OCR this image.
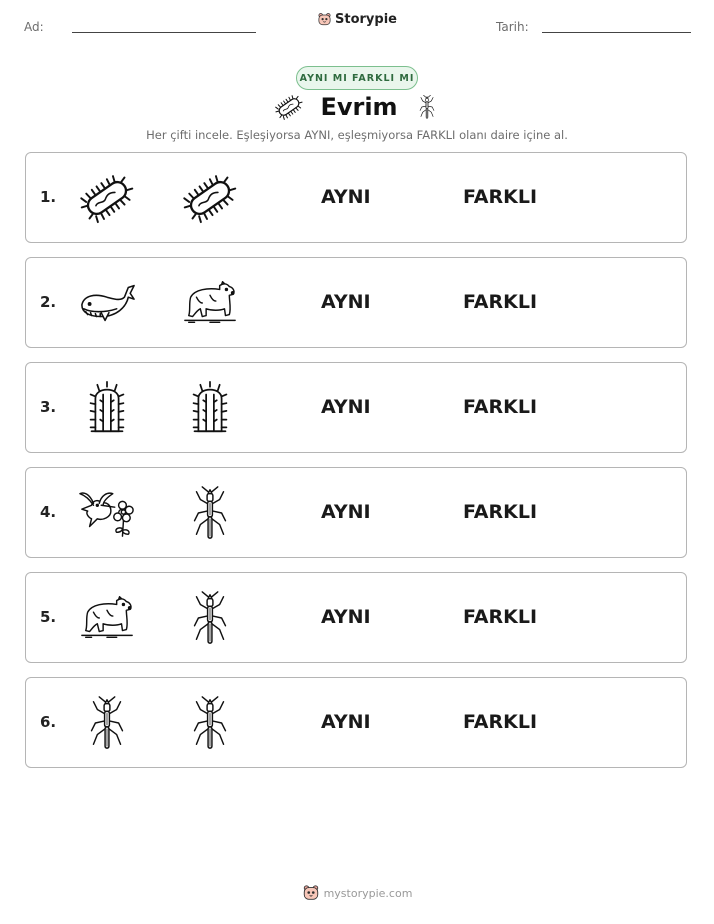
Ad:	Storypie	Tarih:
AYNI MI FARKLI MI
Evrim
Her çifti incele. Eşleşiyorsa AYNI, eşleşmiyorsa FARKLI olanı daire içine al.
1.	AYNI	FARKLI
2.	AYNI	FARKLI
3.	AYNI	FARKLI
4.	AYNI	FARKLI
5.	AYNI	FARKLI
6.	AYNI	FARKLI
mystorypie.com
